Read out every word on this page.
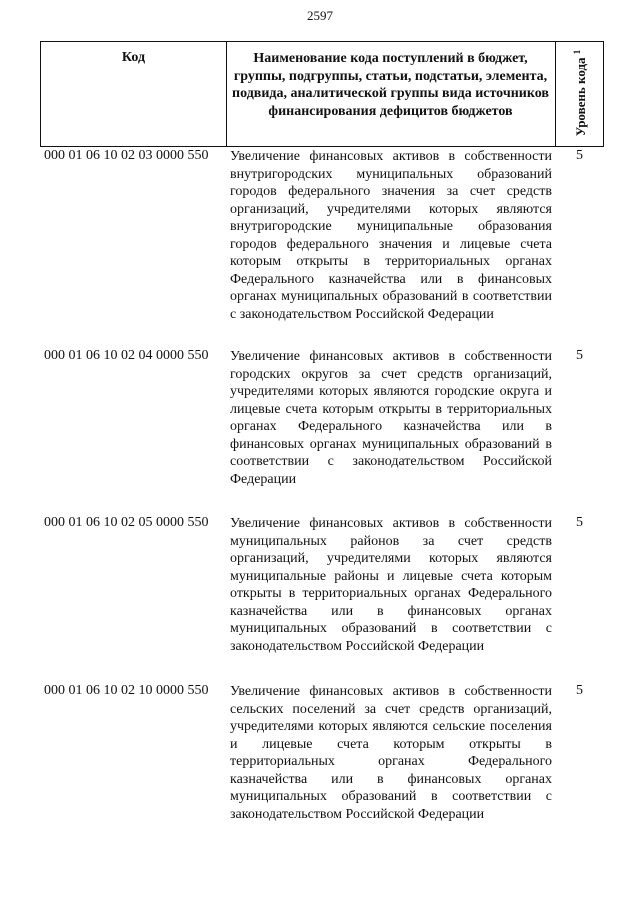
2597
Код	Наименование кода поступлений в бюджет, группы, подгруппы, статьи, подстатьи, элемента, подвида, аналитической группы вида источников финансирования дефицитов бюджетов	Уровень кода $^1$
000 01 06 10 02 03 0000 550 Увеличение финансовых активов в собственности внутригородских муниципальных образований городов федерального значения за счет средств организаций, учредителями которых являются внутригородские муниципальные образования городов федерального значения и лицевые счета которым открыты в территориальных органах Федерального казначейства или в финансовых органах муниципальных образований в соответствии с законодательством Российской Федерации
5
000 01 06 10 02 04 0000 550 Увеличение финансовых активов в собственности городских округов за счет средств организаций, учредителями которых являются городские округа и лицевые счета которым открыты в территориальных органах Федерального казначейства или в финансовых органах муниципальных образований в соответствии с законодательством Российской Федерации
5
000 01 06 10 02 05 0000 550 Увеличение финансовых активов в собственности муниципальных районов за счет средств организаций, учредителями которых являются муниципальные районы и лицевые счета которым открыты в территориальных органах Федерального казначейства или в финансовых органах муниципальных образований в соответствии с законодательством Российской Федерации
5
000 01 06 10 02 10 0000 550 Увеличение финансовых активов в собственности сельских поселений за счет средств организаций, учредителями которых являются сельские поселения и лицевые счета которым открыты в территориальных органах Федерального казначейства или в финансовых органах муниципальных образований в соответствии с законодательством Российской Федерации
5
